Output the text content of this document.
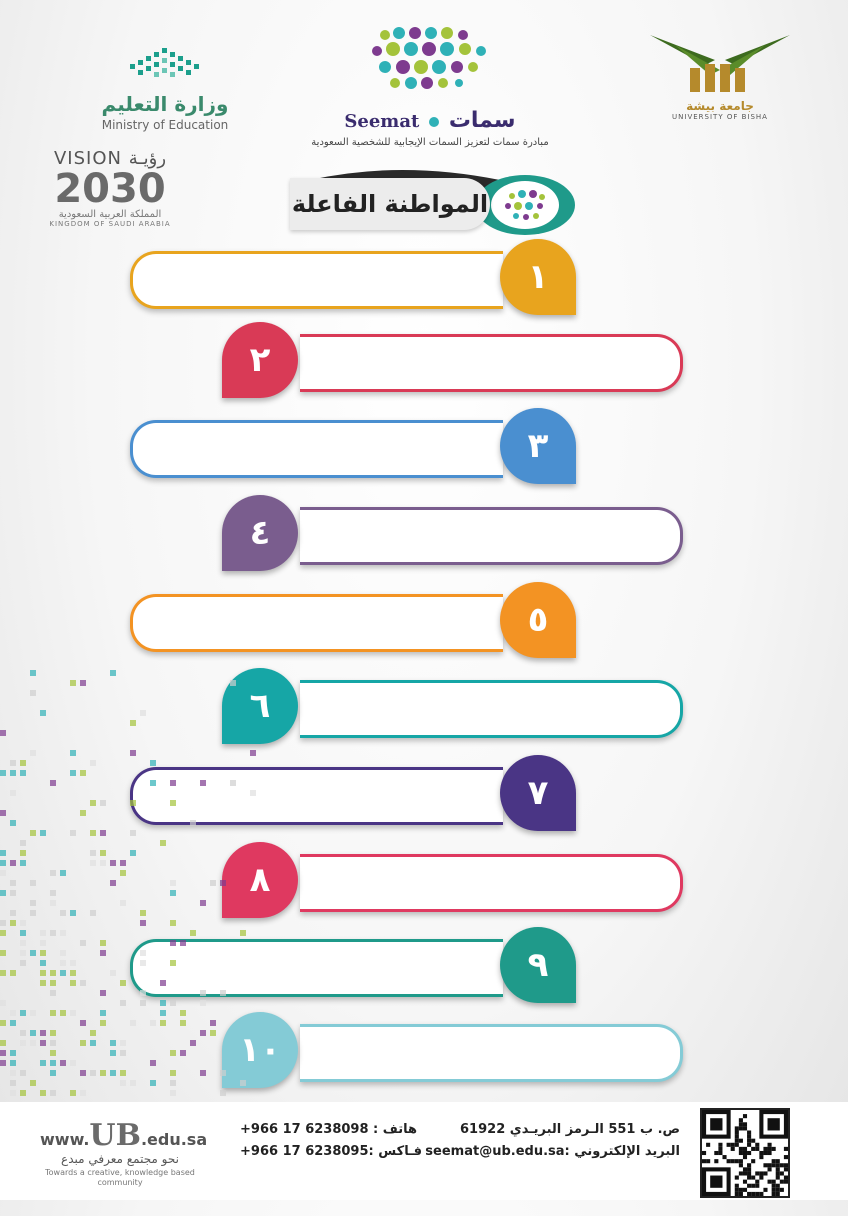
وزارة التعليم
Ministry of Education
VISION رؤيـة
2030
المملكة العربية السعودية
KINGDOM OF SAUDI ARABIA
Seemat سمات
مبادرة سمات لتعزيز السمات الإيجابية للشخصية السعودية
جامعة بيشة
UNIVERSITY OF BISHA
المواطنة الفاعلة
١
٢
٣
٤
٥
٦
٧
٨
٩
١٠
www.UB.edu.sa
نحو مجتمع معرفي مبدع
Towards a creative, knowledge based community
هاتف : 6238098 17 966+
فـاكس :6238095 17 966+
ص. ب 551 الـرمز البريـدي 61922
البريد الإلكتروني :seemat@ub.edu.sa
